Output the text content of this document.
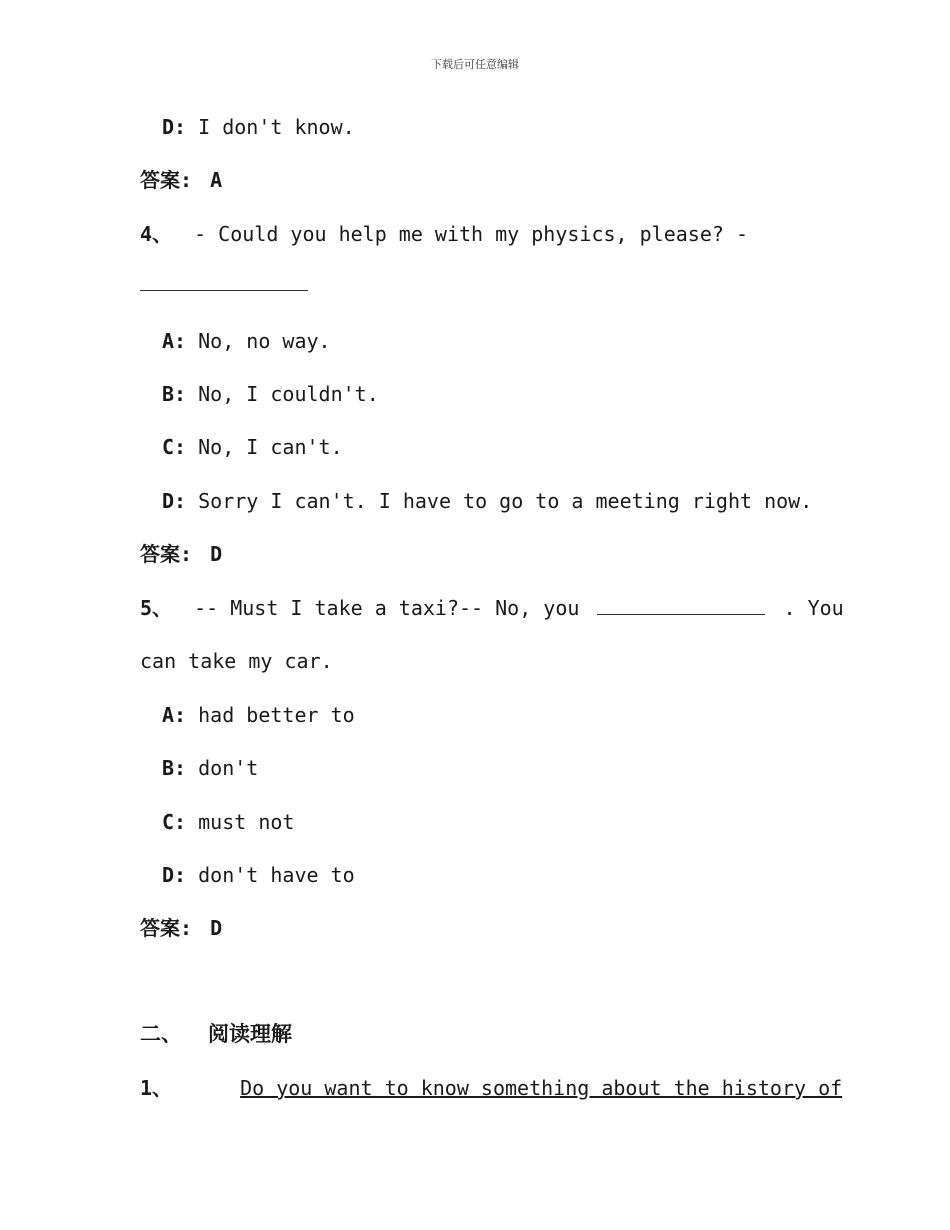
下载后可任意编辑
D: I don't know.
答案: A
4、 - Could you help me with my physics, please? -
A: No, no way.
B: No, I couldn't.
C: No, I can't.
D: Sorry I can't. I have to go to a meeting right now.
答案: D
5、 -- Must I take a taxi?-- No, you	. You
can take my car.
A: had better to
B: don't
C: must not
D: don't have to
答案: D
二、 阅读理解
1、	Do you want to know something about the history of
